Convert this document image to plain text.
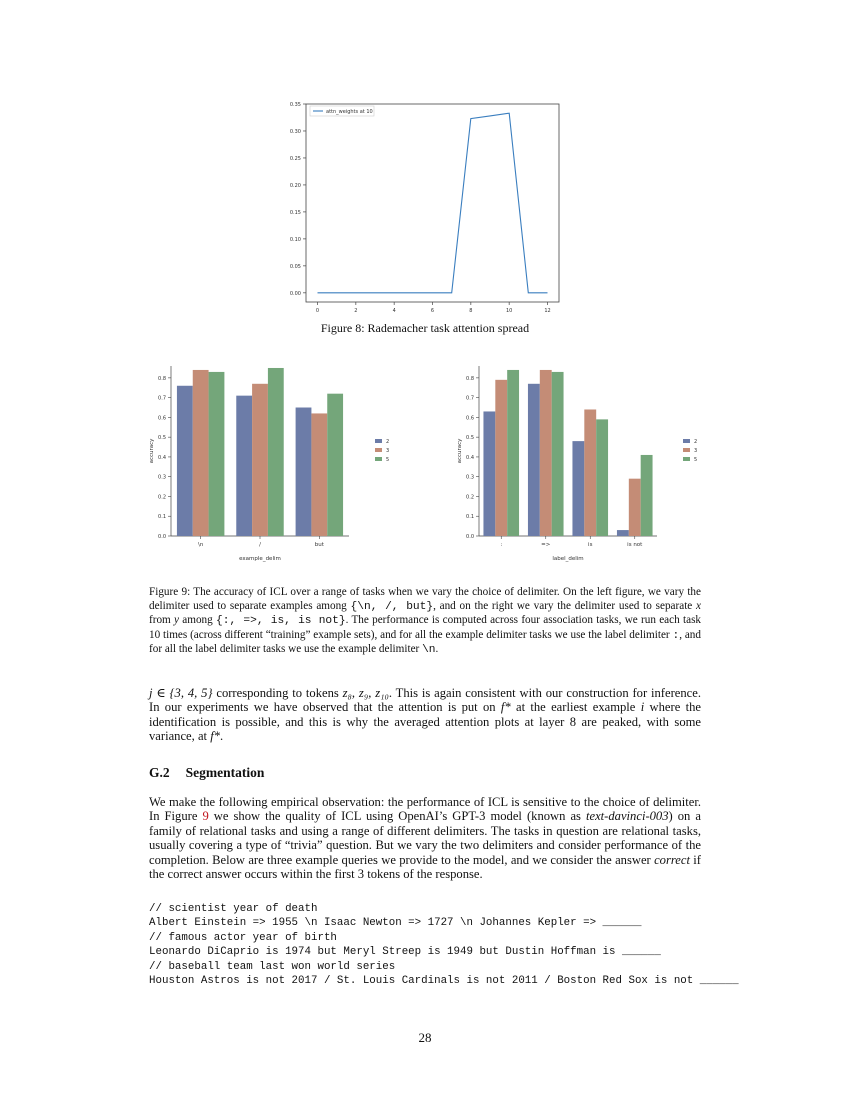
0.00
0.05
0.10
0.15
0.20
0.25
0.30
0.35
0	2	4	6	8	10	12
attn_weights at 10
Figure 8: Rademacher task attention spread
0.0
0.1
0.2
0.3
0.4
0.5
0.6
0.7
0.8
\n	/	but
example_delim
accuracy	2
3
5
0.0
0.1
0.2
0.3
0.4
0.5
0.6
0.7
0.8
:	=>	is	is not
label_delim
accuracy	2
3
5
Figure 9: The accuracy of ICL over a range of tasks when we vary the choice of delimiter. On the left figure, we vary the delimiter used to separate examples among {\n, /, but}, and on the right we vary the delimiter used to separate x from y among {:, =>, is, is not}. The performance is computed across four association tasks, we run each task 10 times (across different “training” example sets), and for all the example delimiter tasks we use the label delimiter :, and for all the label delimiter tasks we use the example delimiter \n.
j ∈ {3, 4, 5} corresponding to tokens z₈, z₉, z₁₀. This is again consistent with our construction for inference. In our experiments we have observed that the attention is put on f* at the earliest example i where the identification is possible, and this is why the averaged attention plots at layer 8 are peaked, with some variance, at f*.
G.2 Segmentation
We make the following empirical observation: the performance of ICL is sensitive to the choice of delimiter. In Figure 9 we show the quality of ICL using OpenAI’s GPT-3 model (known as text-davinci-003) on a family of relational tasks and using a range of different delimiters. The tasks in question are relational tasks, usually covering a type of “trivia” question. But we vary the two delimiters and consider performance of the completion. Below are three example queries we provide to the model, and we consider the answer correct if the correct answer occurs within the first 3 tokens of the response.
// scientist year of death
Albert Einstein => 1955 \n Isaac Newton => 1727 \n Johannes Kepler => ______
// famous actor year of birth
Leonardo DiCaprio is 1974 but Meryl Streep is 1949 but Dustin Hoffman is ______
// baseball team last won world series
Houston Astros is not 2017 / St. Louis Cardinals is not 2011 / Boston Red Sox is not ______
28
